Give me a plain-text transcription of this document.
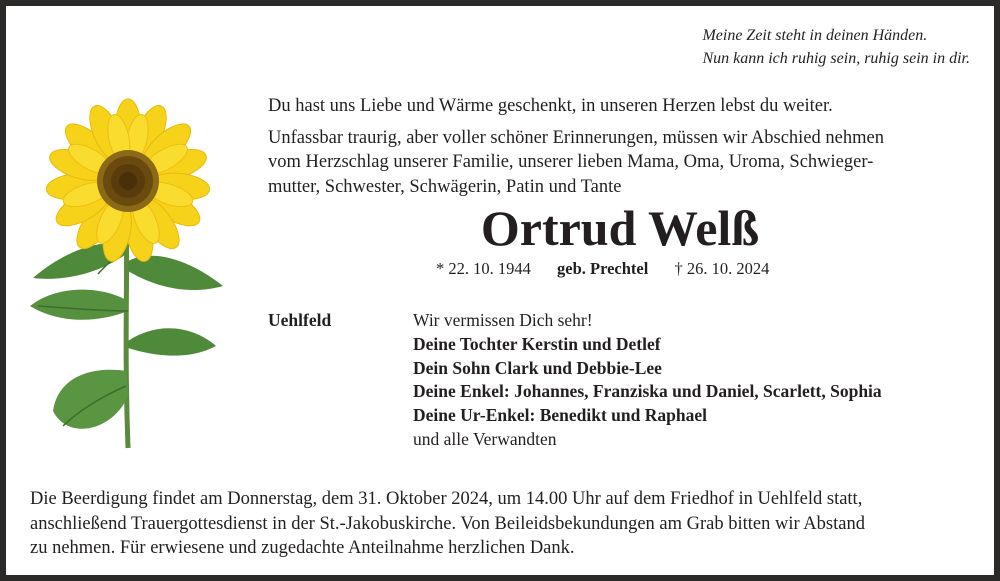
Meine Zeit steht in deinen Händen.
Nun kann ich ruhig sein, ruhig sein in dir.

Du hast uns Liebe und Wärme geschenkt, in unseren Herzen lebst du weiter.

Unfassbar traurig, aber voller schöner Erinnerungen, müssen wir Abschied nehmen

vom Herzschlag unserer Familie, unserer lieben Mama, Oma, Uroma, Schwieger-

mutter, Schwester, Schwägerin, Patin und Tante

Ortrud Welß
* 22. 10. 1944 geb. Prechtel † 26. 10. 2024
Uehlfeld	Wir vermissen Dich sehr!
Deine Tochter Kerstin und Detlef
Dein Sohn Clark und Debbie-Lee
Deine Enkel: Johannes, Franziska und Daniel, Scarlett, Sophia
Deine Ur-Enkel: Benedikt und Raphael
und alle Verwandten
Die Beerdigung findet am Donnerstag, dem 31. Oktober 2024, um 14.00 Uhr auf dem Friedhof in Uehlfeld statt,
anschließend Trauergottesdienst in der St.-Jakobuskirche. Von Beileidsbekundungen am Grab bitten wir Abstand
zu nehmen. Für erwiesene und zugedachte Anteilnahme herzlichen Dank.
